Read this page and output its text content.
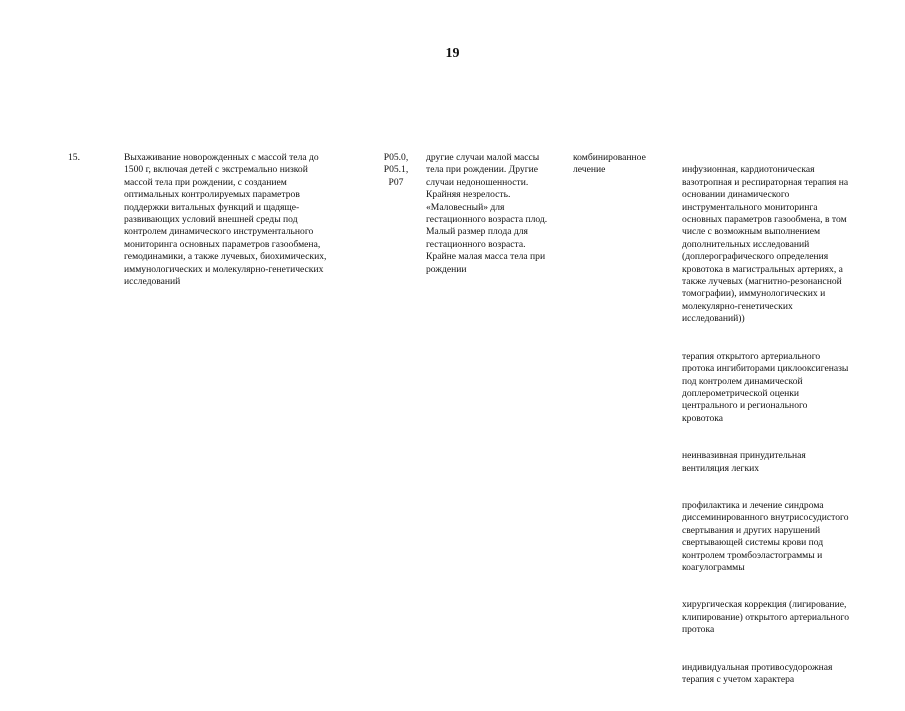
19
15.	Выхаживание новорожденных с массой тела до
1500 г, включая детей с экстремально низкой
массой тела при рождении, с созданием
оптимальных контролируемых параметров
поддержки витальных функций и щадяще-
развивающих условий внешней среды под
контролем динамического инструментального
мониторинга основных параметров газообмена,
гемодинамики, а также лучевых, биохимических,
иммунологических и молекулярно-генетических
исследований
P05.0,
P05.1,
P07
другие случаи малой массы
тела при рождении. Другие
случаи недоношенности.
Крайняя незрелость.
«Маловесный» для
гестационного возраста плод.
Малый размер плода для
гестационного возраста.
Крайне малая масса тела при
рождении
комбинированное
лечение	инфузионная, кардиотоническая
вазотропная и респираторная терапия на
основании динамического
инструментального мониторинга
основных параметров газообмена, в том
числе с возможным выполнением
дополнительных исследований
(доплерографического определения
кровотока в магистральных артериях, а
также лучевых (магнитно-резонансной
томографии), иммунологических и
молекулярно-генетических
исследований))

терапия открытого артериального
протока ингибиторами циклооксигеназы
под контролем динамической
доплерометрической оценки
центрального и регионального
кровотока

неинвазивная принудительная
вентиляция легких

профилактика и лечение синдрома
диссеминированного внутрисосудистого
свертывания и других нарушений
свертывающей системы крови под
контролем тромбоэластограммы и
коагулограммы

хирургическая коррекция (лигирование,
клипирование) открытого артериального
протока

индивидуальная противосудорожная
терапия с учетом характера
